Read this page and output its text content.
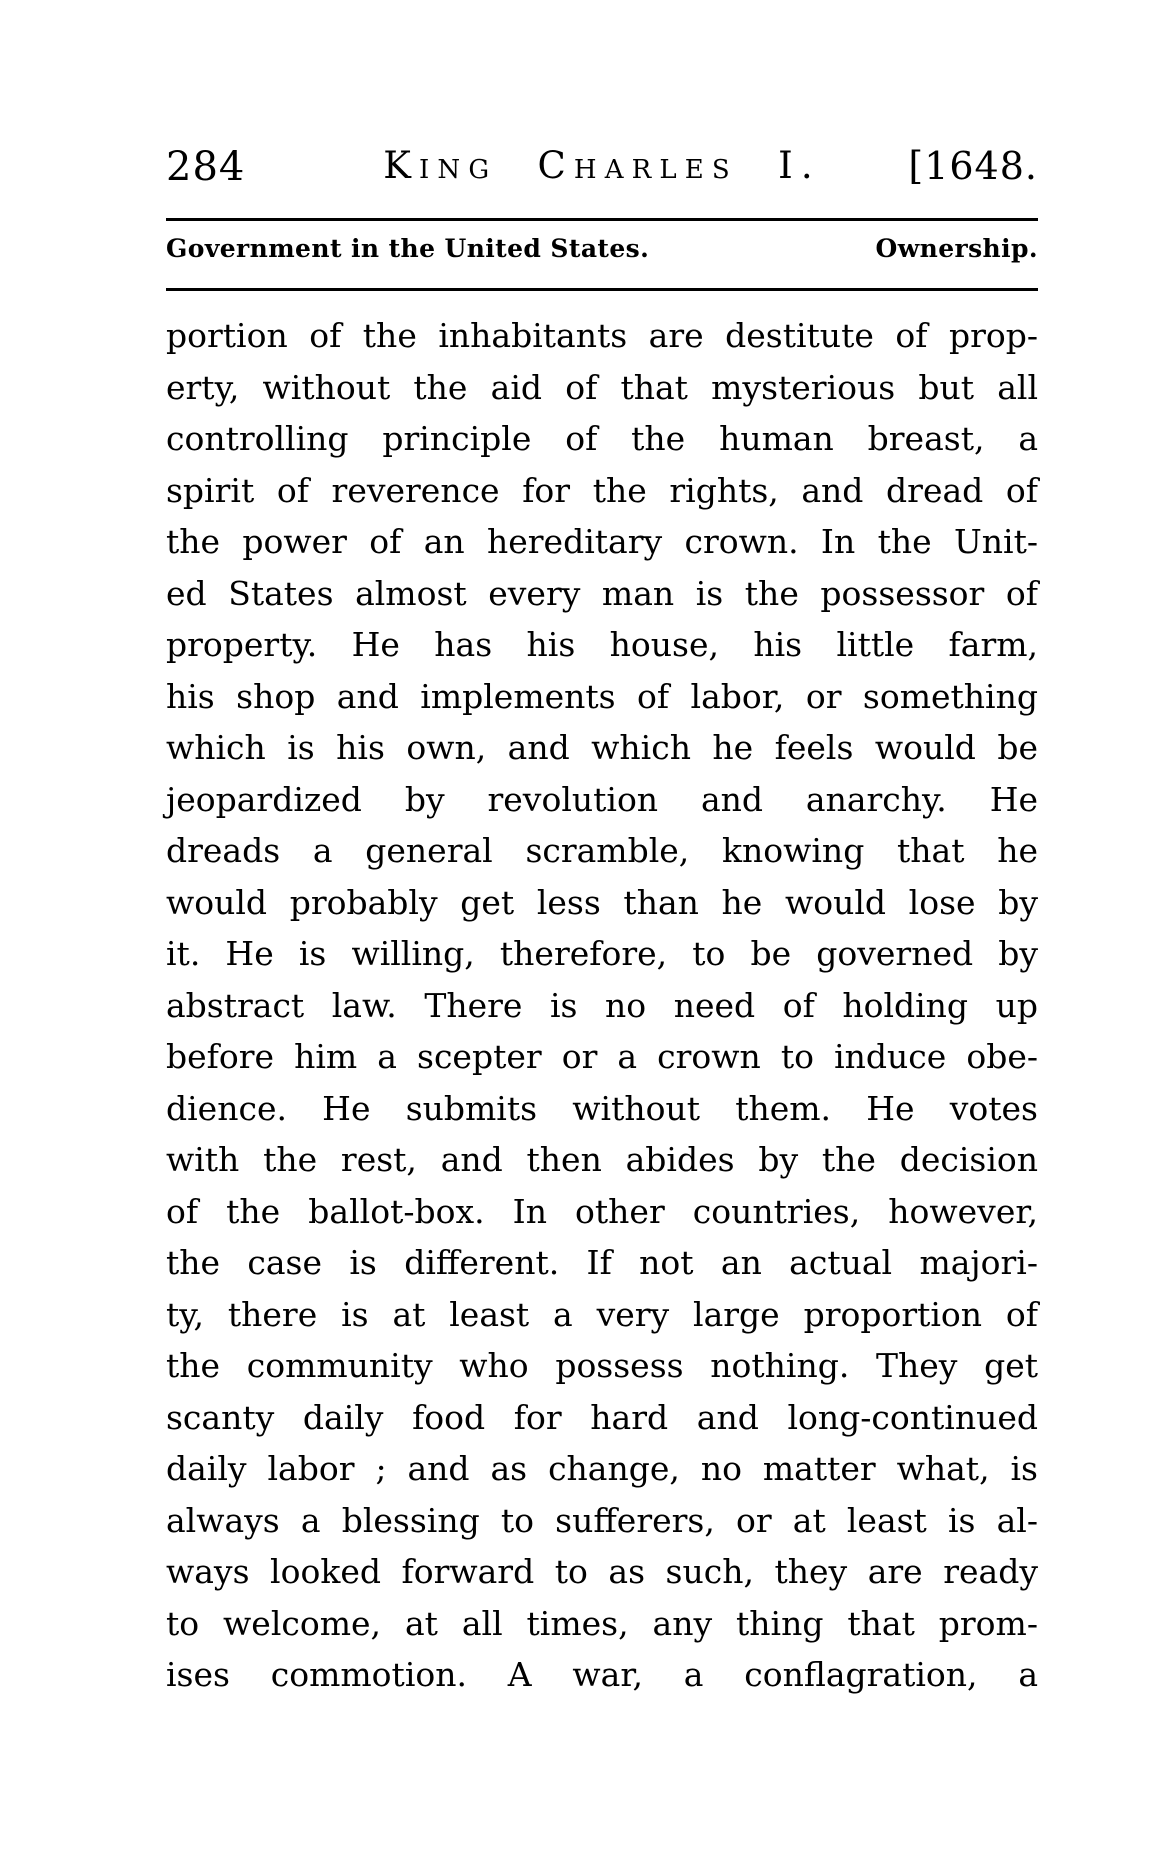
284	King Charles I. [1648.
Government in the United States.	Ownership.
portion of the inhabitants are destitute of prop-
erty, without the aid of that mysterious but all
controlling principle of the human breast, a
spirit of reverence for the rights, and dread of
the power of an hereditary crown. In the Unit-
ed States almost every man is the possessor of
property. He has his house, his little farm,
his shop and implements of labor, or something
which is his own, and which he feels would be
jeopardized by revolution and anarchy. He
dreads a general scramble, knowing that he
would probably get less than he would lose by
it. He is willing, therefore, to be governed by
abstract law. There is no need of holding up
before him a scepter or a crown to induce obe-
dience. He submits without them. He votes
with the rest, and then abides by the decision
of the ballot-box. In other countries, however,
the case is different. If not an actual majori-
ty, there is at least a very large proportion of
the community who possess nothing. They get
scanty daily food for hard and long-continued
daily labor ; and as change, no matter what, is
always a blessing to sufferers, or at least is al-
ways looked forward to as such, they are ready
to welcome, at all times, any thing that prom-
ises commotion. A war, a conflagration, a
